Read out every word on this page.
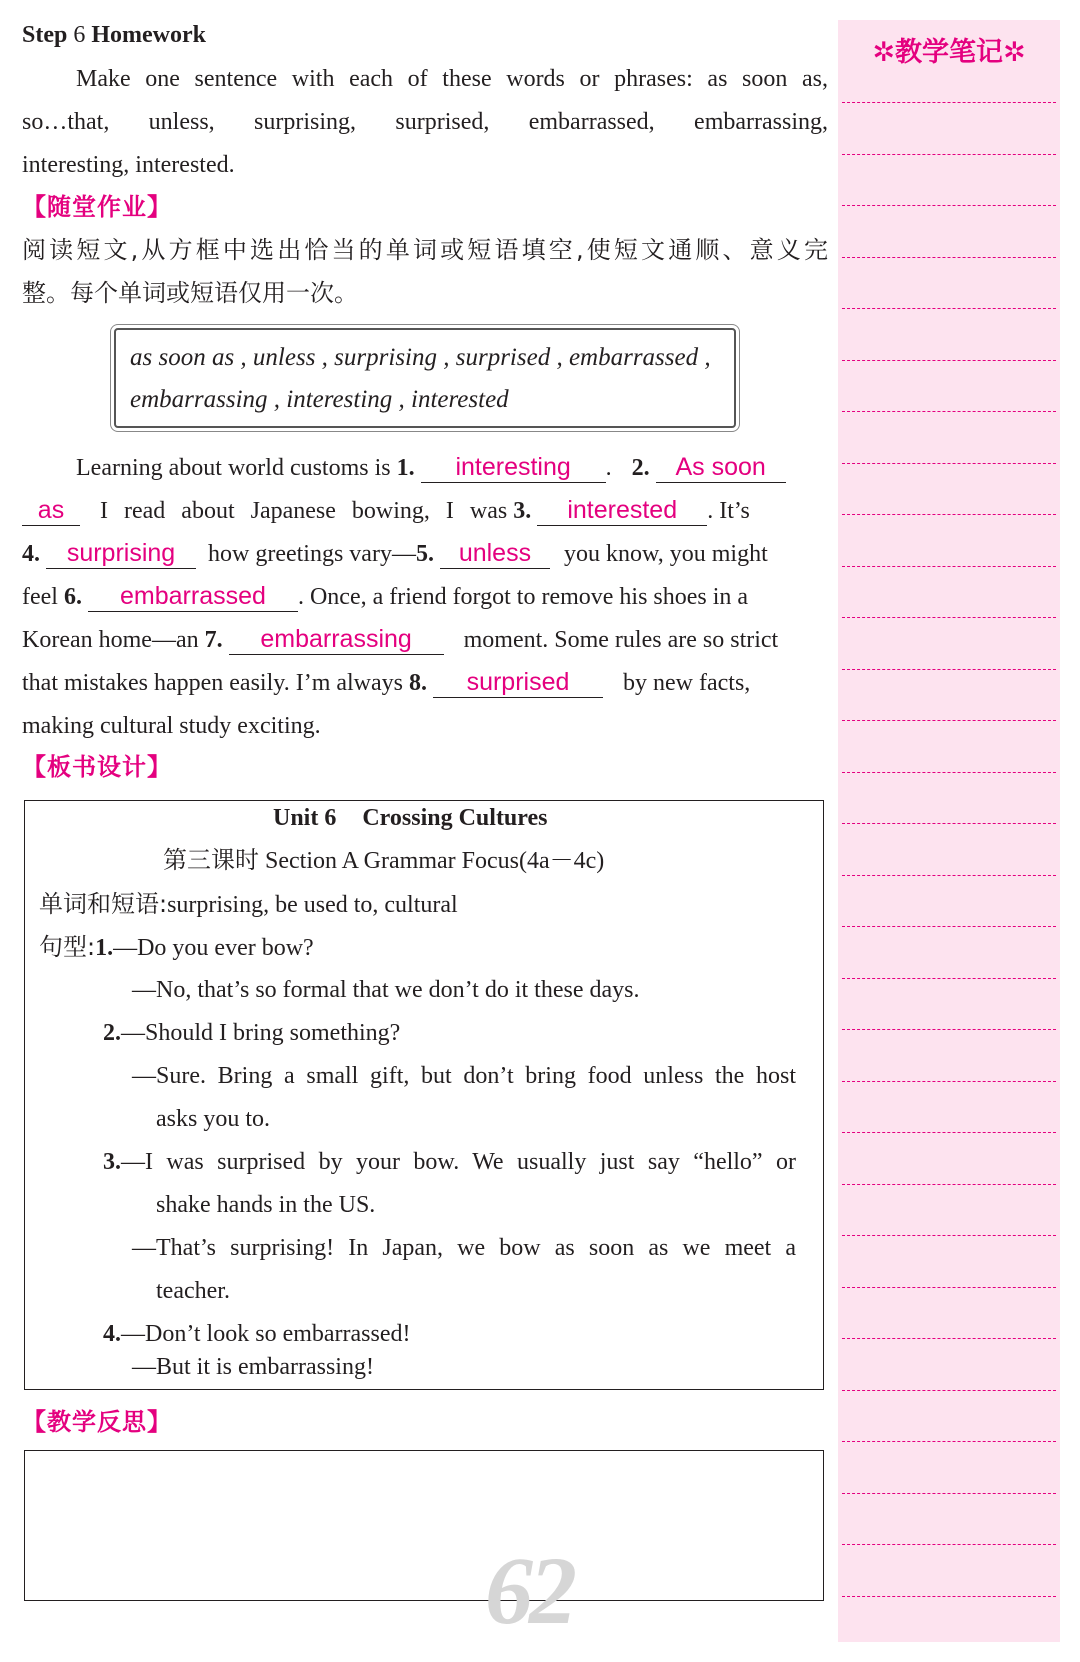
Step 6 Homework
Make one sentence with each of these words or phrases: as soon as,
so…that, unless, surprising, surprised, embarrassed, embarrassing,
interesting, interested.
【随堂作业】
阅读短文,从方框中选出恰当的单词或短语填空,使短文通顺、意义完
整。每个单词或短语仅用一次。
as soon as , unless , surprising , surprised , embarrassed ,
embarrassing , interesting , interested
Learning about world customs is 1. interesting . 2. As soon
as I read about Japanese bowing, I was 3. interested . It’s
4. surprising how greetings vary—5. unless you know, you might
feel 6. embarrassed . Once, a friend forgot to remove his shoes in a
Korean home—an 7. embarrassing moment. Some rules are so strict
that mistakes happen easily. I’m always 8. surprised by new facts,
making cultural study exciting.
【板书设计】
Unit 6 Crossing Cultures
第三课时 Section A Grammar Focus(4a－4c)
单词和短语:surprising, be used to, cultural
句型:1.—Do you ever bow?
—No, that’s so formal that we don’t do it these days.
2.—Should I bring something?
—Sure. Bring a small gift, but don’t bring food unless the host
asks you to.
3.—I was surprised by your bow. We usually just say “hello” or
shake hands in the US.
—That’s surprising! In Japan, we bow as soon as we meet a
teacher.
4.—Don’t look so embarrassed!
—But it is embarrassing!
【教学反思】
62
✲教学笔记✲
